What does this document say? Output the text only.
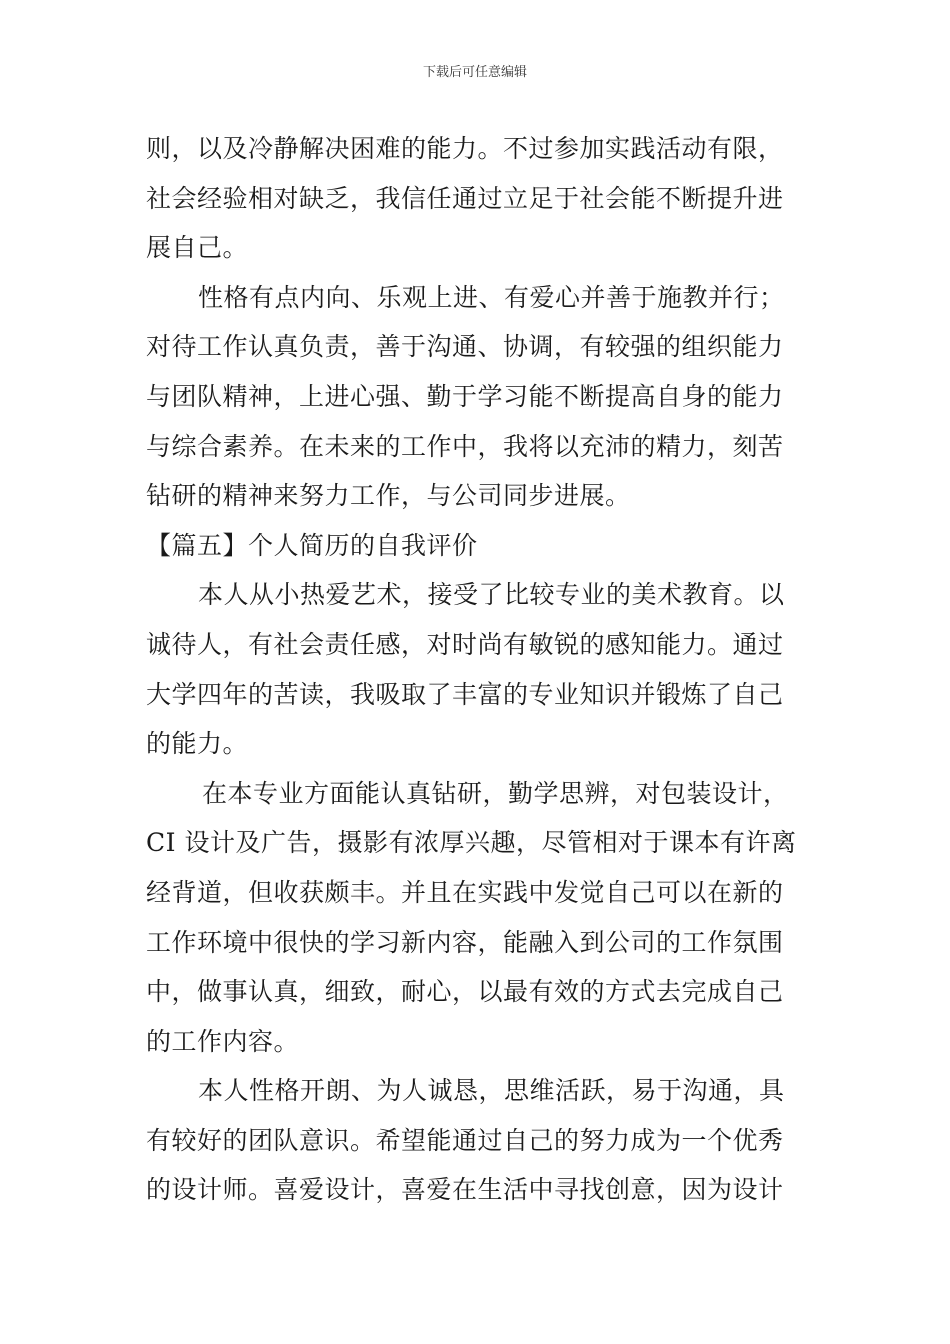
下载后可任意编辑
则，以及冷静解决困难的能力。不过参加实践活动有限，
社会经验相对缺乏，我信任通过立足于社会能不断提升进
展自己。
性格有点内向、乐观上进、有爱心并善于施教并行；
对待工作认真负责，善于沟通、协调，有较强的组织能力
与团队精神，上进心强、勤于学习能不断提高自身的能力
与综合素养。在未来的工作中，我将以充沛的精力，刻苦
钻研的精神来努力工作，与公司同步进展。
【篇五】个人简历的自我评价
本人从小热爱艺术，接受了比较专业的美术教育。以
诚待人，有社会责任感，对时尚有敏锐的感知能力。通过
大学四年的苦读，我吸取了丰富的专业知识并锻炼了自己
的能力。
在本专业方面能认真钻研，勤学思辨，对包装设计，
CI 设计及广告，摄影有浓厚兴趣，尽管相对于课本有许离
经背道，但收获颇丰。并且在实践中发觉自己可以在新的
工作环境中很快的学习新内容，能融入到公司的工作氛围
中，做事认真，细致，耐心，以最有效的方式去完成自己
的工作内容。
本人性格开朗、为人诚恳，思维活跃，易于沟通，具
有较好的团队意识。希望能通过自己的努力成为一个优秀
的设计师。喜爱设计，喜爱在生活中寻找创意，因为设计
